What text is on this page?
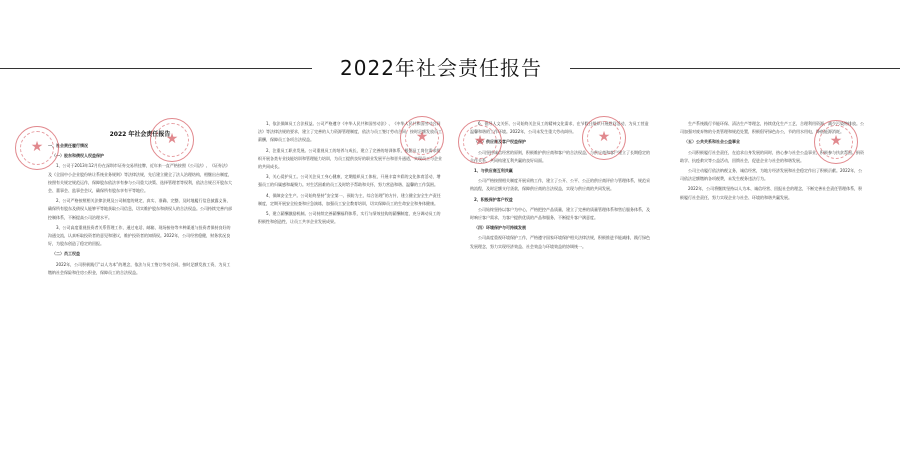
2022年社会责任报告

2022 年社会责任报告

一、社会责任履行情况

（一）股东和债权人权益保护

1、公司于2013年12月份在深圳市证券交易所挂牌，近年来一直严格按照《公司法》、《证券法》及《全国中小企业股份转让系统业务规则》等法律法规，先后建立健全了法人治理结构，相继出台制度，按照有关规定规范运作，保障股东依法享有参与公司重大决策、选择管理者等权利，依法合规召开股东大会、董事会、监事会会议，确保所有股东享有平等地位。

2、公司严格按照相关法律法规及公司制度的规定，真实、准确、完整、及时地履行信息披露义务，确保所有股东及债权人能够平等地获取公司信息，切实维护股东和债权人的合法权益。公司持续完善内部控制体系，不断提高公司治理水平。

3、公司高度重视投资者关系管理工作，通过电话、邮箱、现场接待等多种渠道与投资者保持良好的沟通交流，认真听取投资者的意见和建议，维护投资者的知情权。2022年，公司经营稳健，财务状况良好，为股东创造了稳定的回报。

（二）员工权益

2022年，公司积极践行“以人为本”的理念，依法与员工签订劳动合同，按时足额发放工资，为员工缴纳社会保险和住房公积金，保障员工的合法权益。

1、依法保障员工合法权益。公司严格遵守《中华人民共和国劳动法》、《中华人民共和国劳动合同法》等法律法规的要求，建立了完善的人力资源管理制度，依法与员工签订劳动合同，按时足额发放员工薪酬，保障员工各项合法权益。

2、注重员工职业发展。公司重视员工的培养与成长，建立了完善的培训体系，根据员工岗位需求组织开展各类专业技能培训和管理能力培训，为员工提供良好的职业发展平台和晋升通道，实现员工与企业的共同成长。

3、关心爱护员工。公司关注员工身心健康，定期组织员工体检，开展丰富多彩的文化体育活动，增强员工的归属感和凝聚力。对生活困难的员工及时给予帮助和关怀，努力营造和谐、温馨的工作氛围。

4、保障安全生产。公司始终坚持“安全第一、预防为主、综合治理”的方针，建立健全安全生产责任制度，定期开展安全检查和应急演练，加强员工安全教育培训，切实保障员工的生命安全和身体健康。

5、建立薪酬激励机制。公司持续完善薪酬福利体系，实行与绩效挂钩的薪酬制度，充分调动员工的积极性和创造性，让员工共享企业发展成果。

6、倡导人文关怀，公司始终关注员工的精神文化需求，在节假日组织开展慰问活动，为员工营造温馨和谐的工作环境。2022年，公司未发生重大劳动纠纷。

（三）供应商及客户权益保护

公司坚持诚信经营的原则，积极维护供应商和客户的合法权益，与供应商和客户建立了长期稳定的合作关系，共同构建互利共赢的良好局面。

1、与供应商互利共赢

公司严格按照相关制度开展采购工作，建立了公开、公平、公正的供应商评价与管理体系，规范采购流程，及时足额支付货款，保障供应商的合法权益，实现与供应商的共同发展。

2、积极保护客户权益

公司始终坚持以客户为中心，严格把控产品质量，建立了完善的质量管理体系和售后服务体系，及时响应客户需求，为客户提供优质的产品和服务，不断提升客户满意度。

（四）环境保护与可持续发展

公司高度重视环境保护工作，严格遵守国家环境保护相关法律法规，积极推进节能减排，践行绿色发展理念，努力实现经济效益、社会效益与环境效益的协调统一。

生产系统践行节能环保、清洁生产等理念，持续优化生产工艺，合理利用资源，减少污染物排放。公司加强对废弃物的分类管理和规范处置，积极倡导绿色办公，节约用水用电，降低能源消耗。

（五）公共关系和社会公益事业

公司积极履行社会责任，在追求自身发展的同时，热心参与社会公益事业，积极参与扶贫帮困、捐资助学、抗疫救灾等公益活动，回馈社会，促进企业与社会的和谐发展。

公司主动履行依法纳税义务，诚信经营，为地方经济发展和社会稳定作出了积极贡献。2022年，公司依法足额缴纳各项税费，未发生税务违法行为。

2022年，公司将继续坚持以人为本、诚信经营、回报社会的理念，不断完善社会责任管理体系，积极履行社会责任，努力实现企业与社会、环境的和谐共赢发展。

★
★
★
★
★
★
